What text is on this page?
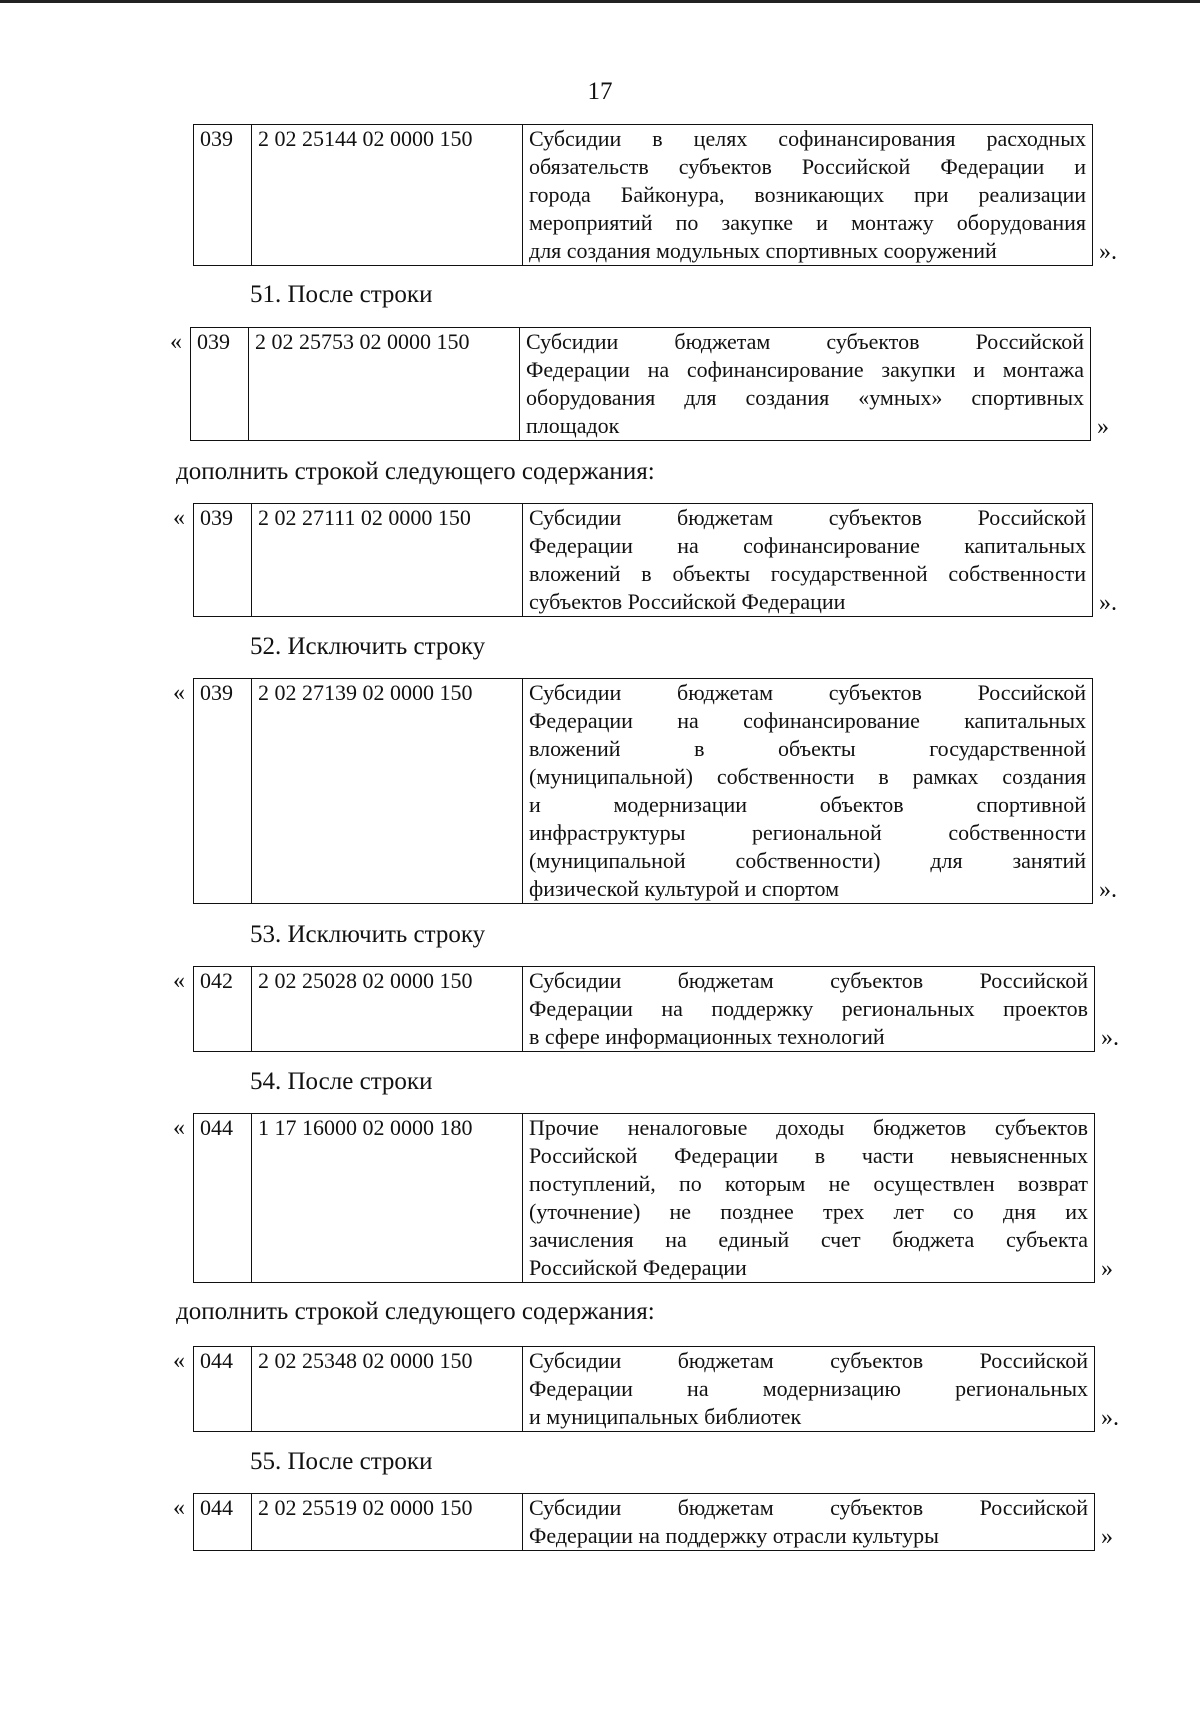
17
51. После строки
дополнить строкой следующего содержания:
52. Исключить строку
53. Исключить строку
54. После строки
дополнить строкой следующего содержания:
55. После строки
039	2 02 25144 02 0000 150	Субсидии в целях софинансирования расходных
обязательств субъектов Российской Федерации и
города Байконура, возникающих при реализации
мероприятий по закупке и монтажу оборудования
для создания модульных спортивных сооружений	».
039	2 02 25753 02 0000 150	Субсидии бюджетам субъектов Российской
Федерации на софинансирование закупки и монтажа
оборудования для создания «умных» спортивных
площадок
«
»
039	2 02 27111 02 0000 150	Субсидии бюджетам субъектов Российской
Федерации на софинансирование капитальных
вложений в объекты государственной собственности
субъектов Российской Федерации
«
».
039	2 02 27139 02 0000 150	Субсидии бюджетам субъектов Российской
Федерации на софинансирование капитальных
вложений в объекты государственной
(муниципальной) собственности в рамках создания
и модернизации объектов спортивной
инфраструктуры региональной собственности
(муниципальной собственности) для занятий
физической культурой и спортом
«
».
042	2 02 25028 02 0000 150	Субсидии бюджетам субъектов Российской
Федерации на поддержку региональных проектов
в сфере информационных технологий
«
».
044	1 17 16000 02 0000 180	Прочие неналоговые доходы бюджетов субъектов
Российской Федерации в части невыясненных
поступлений, по которым не осуществлен возврат
(уточнение) не позднее трех лет со дня их
зачисления на единый счет бюджета субъекта
Российской Федерации
«
»
044	2 02 25348 02 0000 150	Субсидии бюджетам субъектов Российской
Федерации на модернизацию региональных
и муниципальных библиотек
«
».
044	2 02 25519 02 0000 150	Субсидии бюджетам субъектов Российской
Федерации на поддержку отрасли культуры
«
»
